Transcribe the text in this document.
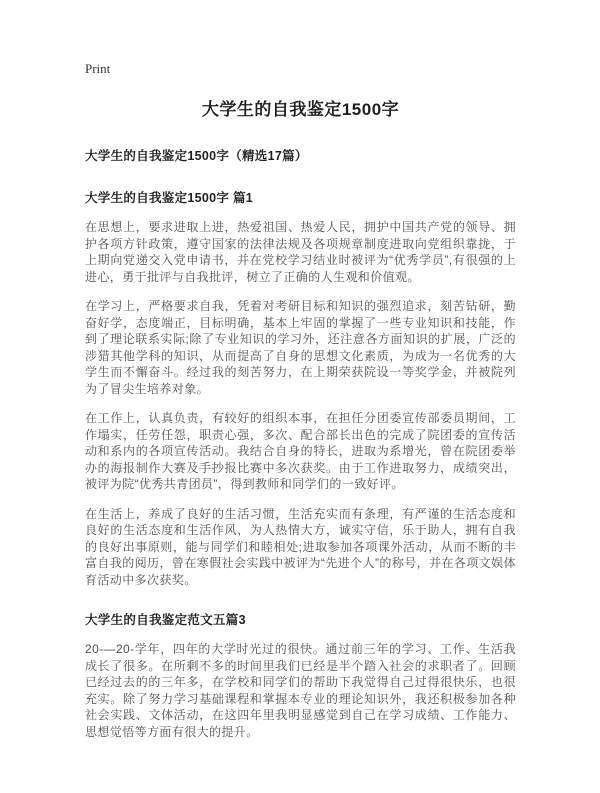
Print
大学生的自我鉴定1500字
大学生的自我鉴定1500字（精选17篇）
大学生的自我鉴定1500字 篇1

在思想上，要求进取上进，热爱祖国、热爱人民，拥护中国共产党的领导、拥护各项方针政策，遵守国家的法律法规及各项规章制度进取向党组织靠拢，于上期向党递交入党申请书，并在党校学习结业时被评为“优秀学员”,有很强的上进心，勇于批评与自我批评，树立了正确的人生观和价值观。

在学习上，严格要求自我，凭着对考研目标和知识的强烈追求，刻苦钻研，勤奋好学，态度端正，目标明确，基本上牢固的掌握了一些专业知识和技能，作到了理论联系实际;除了专业知识的学习外，还注意各方面知识的扩展，广泛的涉猎其他学科的知识，从而提高了自身的思想文化素质，为成为一名优秀的大学生而不懈奋斗。经过我的刻苦努力，在上期荣获院设一等奖学金，并被院列为了冒尖生培养对象。

在工作上，认真负责，有较好的组织本事，在担任分团委宣传部委员期间，工作塌实，任劳任怨，职责心强，多次、配合部长出色的完成了院团委的宣传活动和系内的各项宣传活动。我结合自身的特长，进取为系增光，曾在院团委举办的海报制作大赛及手抄报比赛中多次获奖。由于工作进取努力，成绩突出，被评为院“优秀共青团员”，得到教师和同学们的一致好评。

在生活上，养成了良好的生活习惯，生活充实而有条理，有严谨的生活态度和良好的生活态度和生活作风，为人热情大方，诚实守信，乐于助人，拥有自我的良好出事原则，能与同学们和睦相处;进取参加各项课外活动，从而不断的丰富自我的阅历，曾在寒假社会实践中被评为“先进个人”的称号，并在各项文娱体育活动中多次获奖。

大学生的自我鉴定范文五篇3

20-—20-学年，四年的大学时光过的很快。通过前三年的学习、工作、生活我成长了很多。在所剩不多的时间里我们已经是半个踏入社会的求职者了。回顾已经过去的的三年多，在学校和同学们的帮助下我觉得自己过得很快乐，也很充实。除了努力学习基础课程和掌握本专业的理论知识外，我还积极参加各种社会实践、文体活动，在这四年里我明显感觉到自己在学习成绩、工作能力、思想觉悟等方面有很大的提升。
